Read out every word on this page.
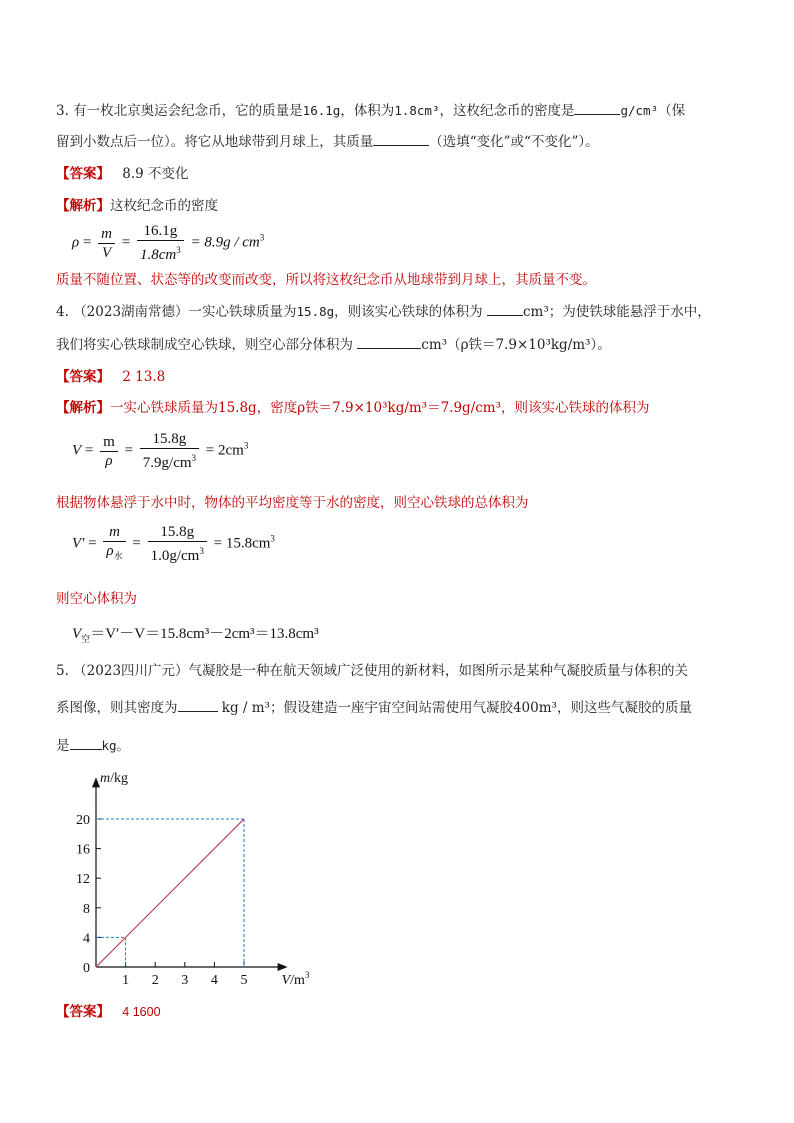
3. 有一枚北京奥运会纪念币，它的质量是16.1g，体积为1.8cm³，这枚纪念币的密度是	g/cm³（保
留到小数点后一位）。将它从地球带到月球上，其质量	（选填“变化”或“不变化”）。
【答案】 8.9 不变化
【解析】这枚纪念币的密度
$\rho = \frac{m}{V} = \frac{16.1g}{1.8cm^3} = 8.9g / cm^3$
质量不随位置、状态等的改变而改变，所以将这枚纪念币从地球带到月球上，其质量不变。
4. （2023湖南常德）一实心铁球质量为15.8g，则该实心铁球的体积为	cm³；为使铁球能悬浮于水中，
我们将实心铁球制成空心铁球，则空心部分体积为	cm³（ρ铁＝7.9×10³kg/m³）。
【答案】 2 13.8
【解析】一实心铁球质量为15.8g，密度ρ铁＝7.9×10³kg/m³＝7.9g/cm³，则该实心铁球的体积为
$V = \frac{m}{\rho} = \frac{15.8g}{7.9g/cm^3} = 2cm^3$
根据物体悬浮于水中时，物体的平均密度等于水的密度，则空心铁球的总体积为
$V' = \frac{m}{\rho_水} = \frac{15.8g}{1.0g/cm^3} = 15.8cm^3$
则空心体积为
$V_空=V'-V=15.8cm^3-2cm^3=13.8cm^3$
5. （2023四川广元）气凝胶是一种在航天领域广泛使用的新材料，如图所示是某种气凝胶质量与体积的关
系图像，则其密度为	kg / m³；假设建造一座宇宙空间站需使用气凝胶400m³，则这些气凝胶的质量
是	kg。
1 2 3 4 5
4
8
12
16
20
0
m/kg
$V/m^3$
【答案】 4 1600
